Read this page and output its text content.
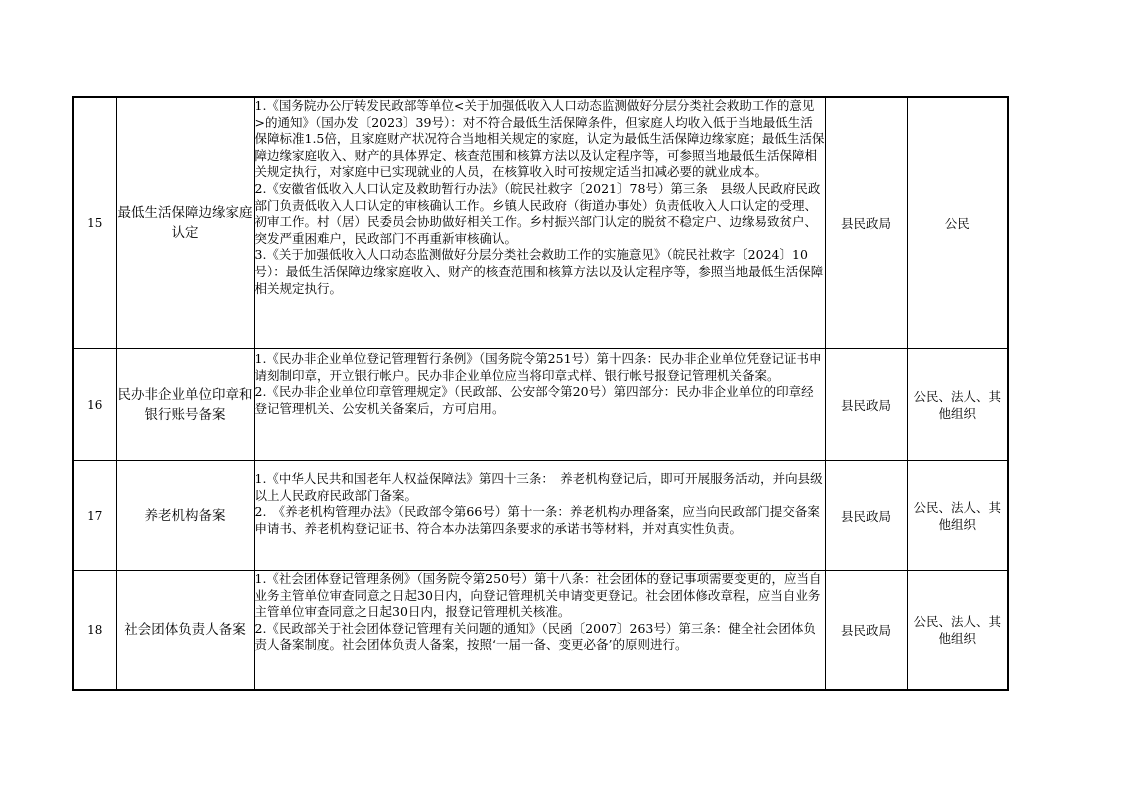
15	最低生活保障边缘家庭认定	1.《国务院办公厅转发民政部等单位<关于加强低收入人口动态监测做好分层分类社会救助工作的意见>的通知》（国办发〔2023〕39号）：对不符合最低生活保障条件，但家庭人均收入低于当地最低生活保障标准1.5倍，且家庭财产状况符合当地相关规定的家庭，认定为最低生活保障边缘家庭；最低生活保障边缘家庭收入、财产的具体界定、核查范围和核算方法以及认定程序等，可参照当地最低生活保障相关规定执行，对家庭中已实现就业的人员，在核算收入时可按规定适当扣减必要的就业成本。

2.《安徽省低收入人口认定及救助暂行办法》（皖民社救字〔2021〕78号）第三条　县级人民政府民政部门负责低收入人口认定的审核确认工作。乡镇人民政府（街道办事处）负责低收入人口认定的受理、初审工作。村（居）民委员会协助做好相关工作。乡村振兴部门认定的脱贫不稳定户、边缘易致贫户、突发严重困难户，民政部门不再重新审核确认。

3.《关于加强低收入人口动态监测做好分层分类社会救助工作的实施意见》（皖民社救字〔2024〕10号）：最低生活保障边缘家庭收入、财产的核查范围和核算方法以及认定程序等，参照当地最低生活保障相关规定执行。	县民政局	公民
16	民办非企业单位印章和银行账号备案	1.《民办非企业单位登记管理暂行条例》（国务院令第251号）第十四条：民办非企业单位凭登记证书申请刻制印章，开立银行帐户。民办非企业单位应当将印章式样、银行帐号报登记管理机关备案。

2.《民办非企业单位印章管理规定》（民政部、公安部令第20号）第四部分：民办非企业单位的印章经登记管理机关、公安机关备案后，方可启用。	县民政局	公民、法人、其他组织
17	养老机构备案	1.《中华人民共和国老年人权益保障法》第四十三条：　养老机构登记后，即可开展服务活动，并向县级以上人民政府民政部门备案。

2.　《养老机构管理办法》（民政部令第66号）第十一条：养老机构办理备案，应当向民政部门提交备案申请书、养老机构登记证书、符合本办法第四条要求的承诺书等材料，并对真实性负责。	县民政局	公民、法人、其他组织
18	社会团体负责人备案	1.《社会团体登记管理条例》（国务院令第250号）第十八条：社会团体的登记事项需要变更的，应当自业务主管单位审查同意之日起30日内，向登记管理机关申请变更登记。社会团体修改章程，应当自业务主管单位审查同意之日起30日内，报登记管理机关核准。

2.《民政部关于社会团体登记管理有关问题的通知》（民函〔2007〕263号）第三条：健全社会团体负责人备案制度。社会团体负责人备案，按照‘一届一备、变更必备’的原则进行。	县民政局	公民、法人、其他组织
